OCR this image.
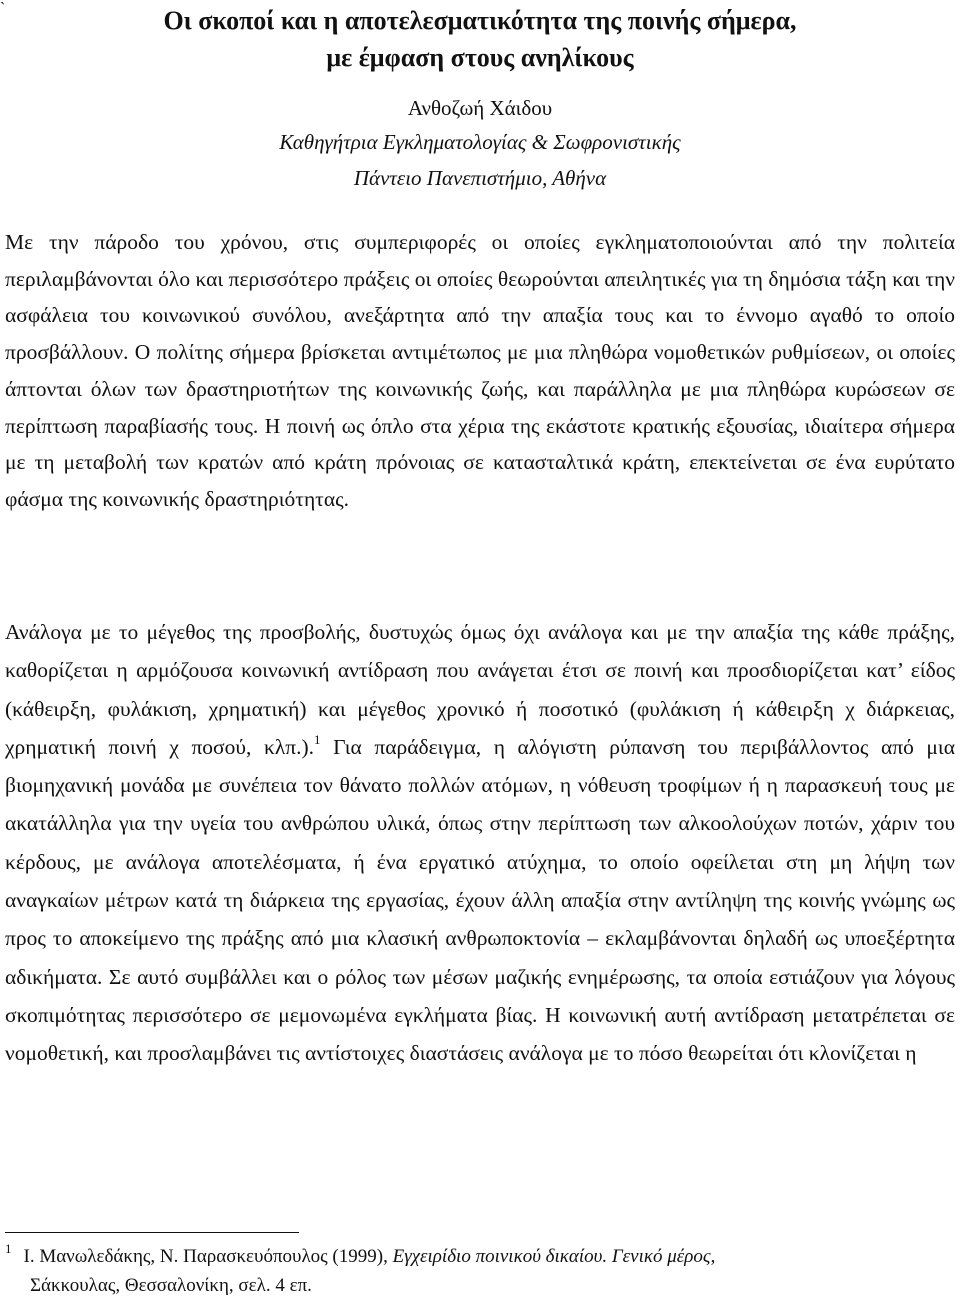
`	Οι σκοποί και η αποτελεσματικότητα της ποινής σήμερα,
με έμφαση στους ανηλίκους
Ανθοζωή Χάιδου
Καθηγήτρια Εγκληματολογίας & Σωφρονιστικής
Πάντειο Πανεπιστήμιο, Αθήνα

Με την πάροδο του χρόνου, στις συμπεριφορές οι οποίες εγκληματοποιούνται από την πολιτεία περιλαμβάνονται όλο και περισσότερο πράξεις οι οποίες θεωρούνται απειλητικές για τη δημόσια τάξη και την ασφάλεια του κοινωνικού συνόλου, ανεξάρτητα από την απαξία τους και το έννομο αγαθό το οποίο προσβάλλουν. Ο πολίτης σήμερα βρίσκεται αντιμέτωπος με μια πληθώρα νομοθετικών ρυθμίσεων, οι οποίες άπτονται όλων των δραστηριοτήτων της κοινωνικής ζωής, και παράλληλα με μια πληθώρα κυρώσεων σε περίπτωση παραβίασής τους. Η ποινή ως όπλο στα χέρια της εκάστοτε κρατικής εξουσίας, ιδιαίτερα σήμερα με τη μεταβολή των κρατών από κράτη πρόνοιας σε κατασταλτικά κράτη, επεκτείνεται σε ένα ευρύτατο φάσμα της κοινωνικής δραστηριότητας.

Ανάλογα με το μέγεθος της προσβολής, δυστυχώς όμως όχι ανάλογα και με την απαξία της κάθε πράξης, καθορίζεται η αρμόζουσα κοινωνική αντίδραση που ανάγεται έτσι σε ποινή και προσδιορίζεται κατ’ είδος (κάθειρξη, φυλάκιση, χρηματική) και μέγεθος χρονικό ή ποσοτικό (φυλάκιση ή κάθειρξη χ διάρκειας, χρηματική ποινή χ ποσού, κλπ.).$^1$ Για παράδειγμα, η αλόγιστη ρύπανση του περιβάλλοντος από μια βιομηχανική μονάδα με συνέπεια τον θάνατο πολλών ατόμων, η νόθευση τροφίμων ή η παρασκευή τους με ακατάλληλα για την υγεία του ανθρώπου υλικά, όπως στην περίπτωση των αλκοολούχων ποτών, χάριν του κέρδους, με ανάλογα αποτελέσματα, ή ένα εργατικό ατύχημα, το οποίο οφείλεται στη μη λήψη των αναγκαίων μέτρων κατά τη διάρκεια της εργασίας, έχουν άλλη απαξία στην αντίληψη της κοινής γνώμης ως προς το αποκείμενο της πράξης από μια κλασική ανθρωποκτονία – εκλαμβάνονται δηλαδή ως υποεξέρτητα αδικήματα. Σε αυτό συμβάλλει και ο ρόλος των μέσων μαζικής ενημέρωσης, τα οποία εστιάζουν για λόγους σκοπιμότητας περισσότερο σε μεμονωμένα εγκλήματα βίας. Η κοινωνική αυτή αντίδραση μετατρέπεται σε νομοθετική, και προσλαμβάνει τις αντίστοιχες διαστάσεις ανάλογα με το πόσο θεωρείται ότι κλονίζεται η

$^1$ Ι. Μανωλεδάκης, Ν. Παρασκευόπουλος (1999), Εγχειρίδιο ποινικού δικαίου. Γενικό μέρος,
Σάκκουλας, Θεσσαλονίκη, σελ. 4 επ.
